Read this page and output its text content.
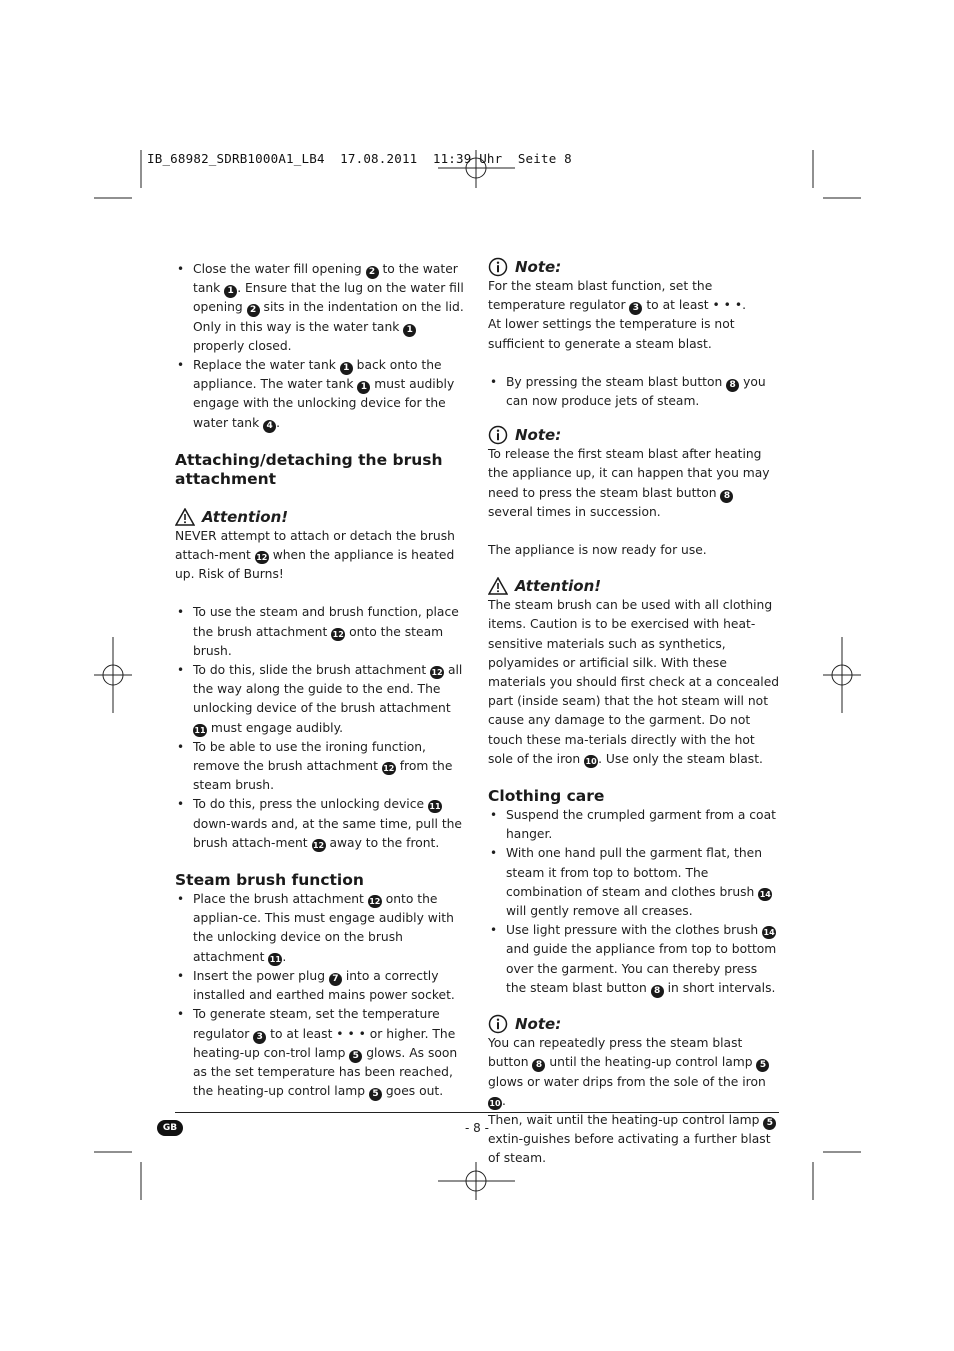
IB_68982_SDRB1000A1_LB4  17.08.2011  11:39 Uhr  Seite 8
• Close the water fill opening 2 to the water tank 1 . Ensure that the lug on the water fill opening 2 sits in the indentation on the lid. Only in this way is the water tank 1 properly closed.
• Replace the water tank 1 back onto the appliance. The water tank 1 must audibly engage with the unlocking device for the water tank 4 .
Attaching/detaching the brush attachment
Attention!

NEVER attempt to attach or detach the brush attach-ment 12 when the appliance is heated up. Risk of Burns!

• To use the steam and brush function, place the brush attachment 12 onto the steam brush.
• To do this, slide the brush attachment 12 all the way along the guide to the end. The unlocking device of the brush attachment 11 must engage audibly.
• To be able to use the ironing function, remove the brush attachment 12 from the steam brush.
• To do this, press the unlocking device 11 down-wards and, at the same time, pull the brush attach-ment 12 away to the front.
Steam brush function
• Place the brush attachment 12 onto the applian-ce. This must engage audibly with the unlocking device on the brush attachment 11.
• Insert the power plug 7 into a correctly installed and earthed mains power socket.
• To generate steam, set the temperature regulator 3 to at least • • • or higher. The heating-up con-trol lamp 5 glows. As soon as the set temperature has been reached, the heating-up control lamp 5 goes out.
Note:

For the steam blast function, set the temperature regulator 3 to at least • • •.

At lower settings the temperature is not sufficient to generate a steam blast.

• By pressing the steam blast button 8 you can now produce jets of steam.
Note:

To release the first steam blast after heating the appliance up, it can happen that you may need to press the steam blast button 8 several times in succession.

The appliance is now ready for use.

Attention!

The steam brush can be used with all clothing items. Caution is to be exercised with heat-sensitive materials such as synthetics, polyamides or artificial silk. With these materials you should first check at a concealed part (inside seam) that the hot steam will not cause any damage to the garment. Do not touch these ma-terials directly with the hot sole of the iron 10. Use only the steam blast.

Clothing care
• Suspend the crumpled garment from a coat hanger.
• With one hand pull the garment flat, then steam it from top to bottom. The combination of steam and clothes brush 14 will gently remove all creases.
• Use light pressure with the clothes brush 14 and guide the appliance from top to bottom over the garment. You can thereby press the steam blast button 8 in short intervals.
Note:

You can repeatedly press the steam blast button 8 until the heating-up control lamp 5 glows or water drips from the sole of the iron 10.

Then, wait until the heating-up control lamp 5 extin-guishes before activating a further blast of steam.

GB	- 8 -
